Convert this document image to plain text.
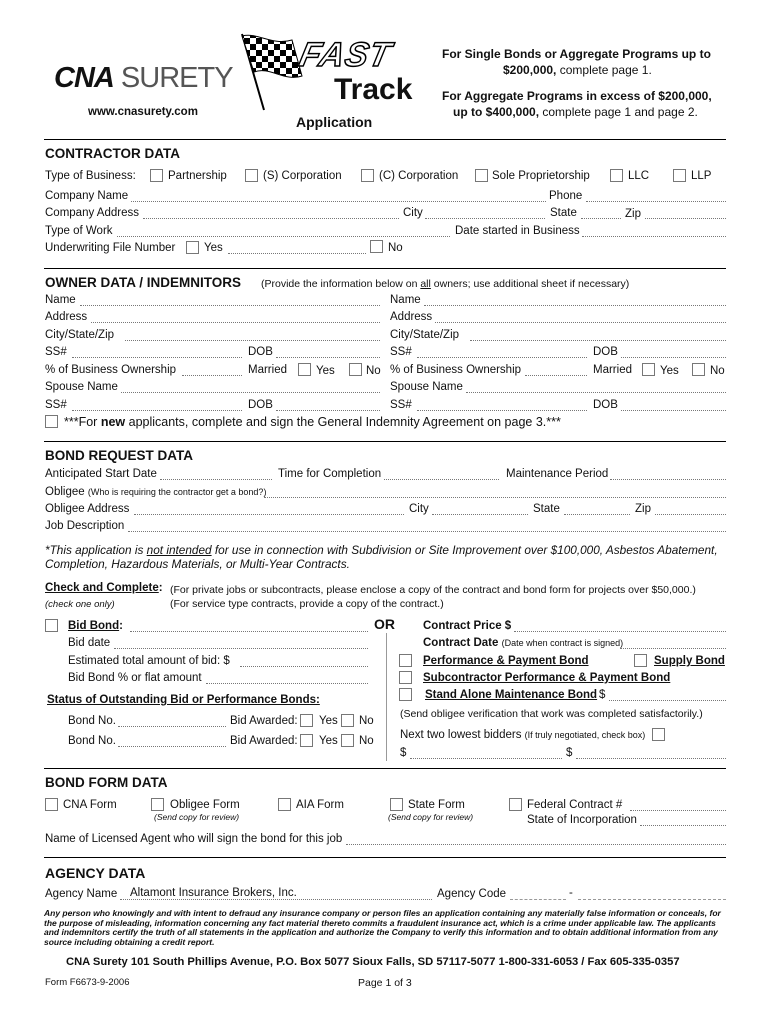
CNA SURETY
www.cnasurety.com
FAST
Track
Application
For Single Bonds or Aggregate Programs up to
$200,000, complete page 1.
For Aggregate Programs in excess of $200,000,
up to $400,000, complete page 1 and page 2.
CONTRACTOR DATA
Type of Business:	Partnership	(S) Corporation	(C) Corporation	Sole Proprietorship	LLC	LLP
Company Name	Phone
Company Address	City	State	Zip
Type of Work	Date started in Business
Underwriting File Number Yes	No
OWNER DATA / INDEMNITORS (Provide the information below on all owners; use additional sheet if necessary)
Name
Address
City/State/Zip
SS#	DOB
% of Business Ownership	Married	Yes	No
Spouse Name
SS#	DOB
Name
Address
City/State/Zip
SS#	DOB
% of Business Ownership	Married Yes	No
Spouse Name
SS#	DOB
***For new applicants, complete and sign the General Indemnity Agreement on page 3.***
BOND REQUEST DATA
Anticipated Start Date	Time for Completion	Maintenance Period
Obligee (Who is requiring the contractor get a bond?)
Obligee Address	City	State	Zip
Job Description
*This application is not intended for use in connection with Subdivision or Site Improvement over $100,000, Asbestos Abatement,
Completion, Hazardous Materials, or Multi-Year Contracts.
Check and Complete:
(check one only)
(For private jobs or subcontracts, please enclose a copy of the contract and bond form for projects over $50,000.)
(For service type contracts, provide a copy of the contract.)
Bid Bond:
Bid date
Estimated total amount of bid: $
Bid Bond % or flat amount
Status of Outstanding Bid or Performance Bonds:
Bond No.	Bid Awarded: Yes No
Bond No.	Bid Awarded: Yes No
OR Contract Price $
Contract Date (Date when contract is signed)
Performance & Payment Bond	Supply Bond
Subcontractor Performance & Payment Bond
Stand Alone Maintenance Bond $
(Send obligee verification that work was completed satisfactorily.)
Next two lowest bidders (If truly negotiated, check box)
$	$
BOND FORM DATA
CNA Form	Obligee Form
(Send copy for review)
AIA Form	State Form
(Send copy for review)
Federal Contract #
State of Incorporation
Name of Licensed Agent who will sign the bond for this job
AGENCY DATA
Agency Name Altamont Insurance Brokers, Inc.	Agency Code	-
Any person who knowingly and with intent to defraud any insurance company or person files an application containing any materially false information or conceals, for the purpose of misleading, information concerning any fact material thereto commits a fraudulent insurance act, which is a crime under applicable law. The applicants and indemnitors certify the truth of all statements in the application and authorize the Company to verify this information and to obtain additional information from any source including obtaining a credit report.
CNA Surety 101 South Phillips Avenue, P.O. Box 5077 Sioux Falls, SD 57117-5077 1-800-331-6053 / Fax 605-335-0357
Form F6673-9-2006	Page 1 of 3
